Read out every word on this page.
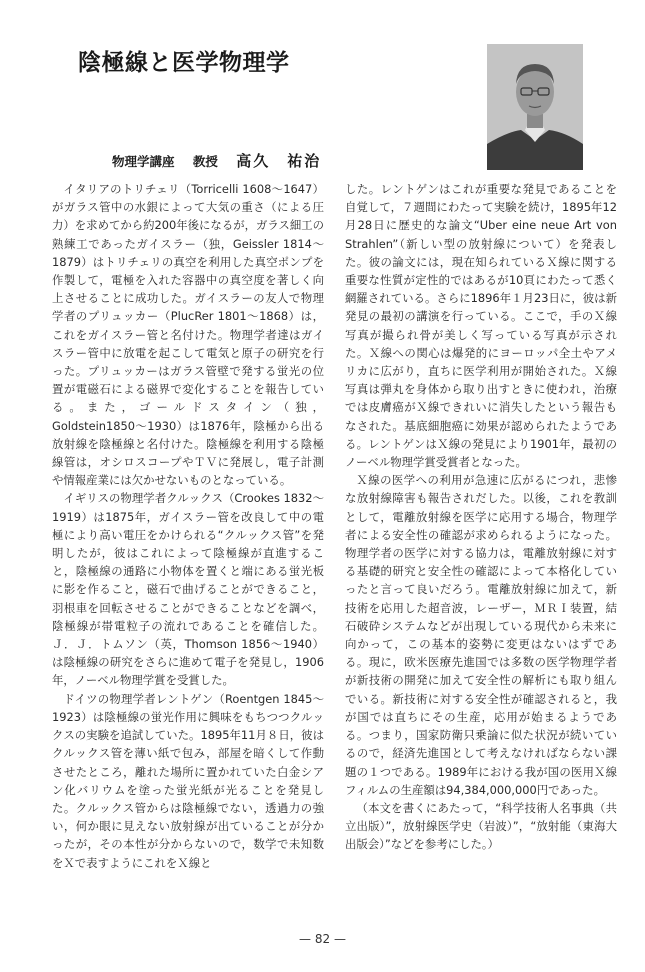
陰極線と医学物理学
物理学講座 教授 高久　祐治

イタリアのトリチェリ（Torricelli 1608〜1647）がガラス管中の水銀によって大気の重さ（による圧力）を求めてから約200年後になるが，ガラス細工の熟練工であったガイスラー（独，Geissler 1814〜1879）はトリチェリの真空を利用した真空ポンプを作製して，電極を入れた容器中の真空度を著しく向上させることに成功した。ガイスラーの友人で物理学者のプリュッカー（PlucRer 1801〜1868）は，これをガイスラー管と名付けた。物理学者達はガイスラー管中に放電を起こして電気と原子の研究を行った。プリュッカーはガラス管壁で発する蛍光の位置が電磁石による磁界で変化することを報告している。また，ゴールドスタイン（独，Goldstein1850〜1930）は1876年，陰極から出る放射線を陰極線と名付けた。陰極線を利用する陰極線管は，オシロスコープやＴＶに発展し，電子計測や情報産業には欠かせないものとなっている。

イギリスの物理学者クルックス（Crookes 1832〜1919）は1875年，ガイスラー管を改良して中の電極により高い電圧をかけられる“クルックス管”を発明したが，彼はこれによって陰極線が直進すること，陰極線の通路に小物体を置くと端にある蛍光板に影を作ること，磁石で曲げることができること，羽根車を回転させることができることなどを調べ，陰極線が帯電粒子の流れであることを確信した。Ｊ．Ｊ．トムソン（英，Thomson 1856〜1940）は陰極線の研究をさらに進めて電子を発見し，1906年，ノーベル物理学賞を受賞した。

ドイツの物理学者レントゲン（Roentgen 1845〜1923）は陰極線の蛍光作用に興味をもちつつクルックスの実験を追試していた。1895年11月８日，彼はクルックス管を薄い紙で包み，部屋を暗くして作動させたところ，離れた場所に置かれていた白金シアン化バリウムを塗った蛍光紙が光ることを発見した。クルックス管からは陰極線でない，透過力の強い，何か眼に見えない放射線が出ていることが分かったが，その本性が分からないので，数学で未知数をＸで表すようにこれをＸ線と

した。レントゲンはこれが重要な発見であることを自覚して，７週間にわたって実験を続け，1895年12月28日に歴史的な論文“Uber eine neue Art von Strahlen”（新しい型の放射線について）を発表した。彼の論文には，現在知られているＸ線に関する重要な性質が定性的ではあるが10頁にわたって悉く網羅されている。さらに1896年１月23日に，彼は新発見の最初の講演を行っている。ここで，手のＸ線写真が撮られ骨が美しく写っている写真が示された。Ｘ線への関心は爆発的にヨーロッパ全土やアメリカに広がり，直ちに医学利用が開始された。Ｘ線写真は弾丸を身体から取り出すときに使われ，治療では皮膚癌がＸ線できれいに消失したという報告もなされた。基底細胞癌に効果が認められたようである。レントゲンはＸ線の発見により1901年，最初のノーベル物理学賞受賞者となった。

Ｘ線の医学への利用が急速に広がるにつれ，悲惨な放射線障害も報告されだした。以後，これを教訓として，電離放射線を医学に応用する場合，物理学者による安全性の確認が求められるようになった。物理学者の医学に対する協力は，電離放射線に対する基礎的研究と安全性の確認によって本格化していったと言って良いだろう。電離放射線に加えて，新技術を応用した超音波，レーザー，ＭＲＩ装置，結石破砕システムなどが出現している現代から未来に向かって，この基本的姿勢に変更はないはずである。現に，欧米医療先進国では多数の医学物理学者が新技術の開発に加えて安全性の解析にも取り組んでいる。新技術に対する安全性が確認されると，我が国では直ちにその生産，応用が始まるようである。つまり，国家防衛只乗論に似た状況が続いているので，経済先進国として考えなければならない課題の１つである。1989年における我が国の医用Ｘ線フィルムの生産額は94,384,000,000円であった。

（本文を書くにあたって，“科学技術人名事典（共立出版）”，放射線医学史（岩波）”，“放射能（東海大出版会）”などを参考にした。）

— 82 —
